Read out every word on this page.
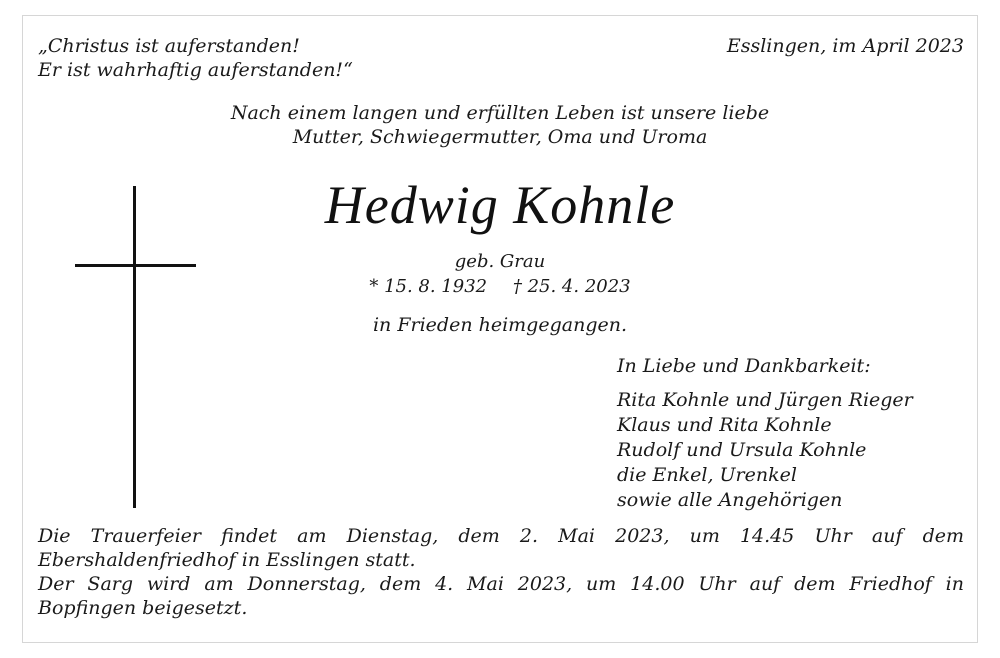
„Christus ist auferstanden!
Er ist wahrhaftig auferstanden!“
Esslingen, im April 2023
Nach einem langen und erfüllten Leben ist unsere liebe
Mutter, Schwiegermutter, Oma und Uroma
Hedwig Kohnle
geb. Grau
* 15. 8. 1932 † 25. 4. 2023
in Frieden heimgegangen.
In Liebe und Dankbarkeit:
Rita Kohnle und Jürgen Rieger
Klaus und Rita Kohnle
Rudolf und Ursula Kohnle
die Enkel, Urenkel
sowie alle Angehörigen
Die Trauerfeier findet am Dienstag, dem 2. Mai 2023, um 14.45 Uhr auf dem
Ebershaldenfriedhof in Esslingen statt.
Der Sarg wird am Donnerstag, dem 4. Mai 2023, um 14.00 Uhr auf dem Friedhof in
Bopfingen beigesetzt.
